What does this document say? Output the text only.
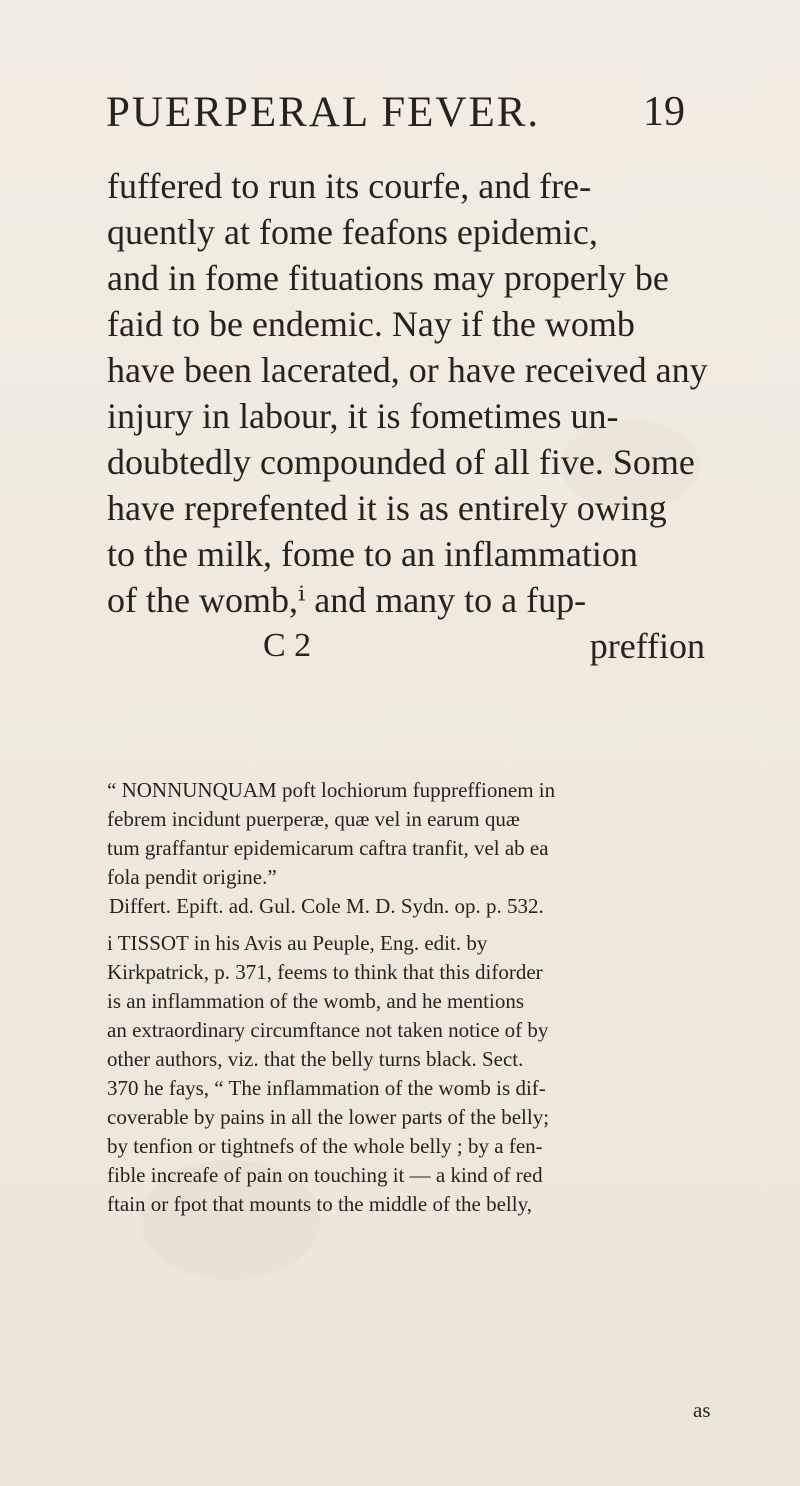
PUERPERAL FEVER. 19
fuffered to run its courfe, and fre-
quently at fome feafons epidemic,
and in fome fituations may properly be
faid to be endemic. Nay if the womb
have been lacerated, or have received any
injury in labour, it is fometimes un-
doubtedly compounded of all five. Some
have reprefented it is as entirely owing
to the milk, fome to an inflammation
of the womb,ⁱ and many to a fup-
C 2	preffion
“ NONNUNQUAM poft lochiorum fuppreffionem in
febrem incidunt puerperæ, quæ vel in earum quæ
tum graffantur epidemicarum caftra tranfit, vel ab ea
fola pendit origine.”
Differt. Epift. ad. Gul. Cole M. D. Sydn. op. p. 532.
i TISSOT in his Avis au Peuple, Eng. edit. by
Kirkpatrick, p. 371, feems to think that this diforder
is an inflammation of the womb, and he mentions
an extraordinary circumftance not taken notice of by
other authors, viz. that the belly turns black. Sect.
370 he fays, “ The inflammation of the womb is dif-
coverable by pains in all the lower parts of the belly;
by tenfion or tightnefs of the whole belly ; by a fen-
fible increafe of pain on touching it — a kind of red
ftain or fpot that mounts to the middle of the belly,
as
